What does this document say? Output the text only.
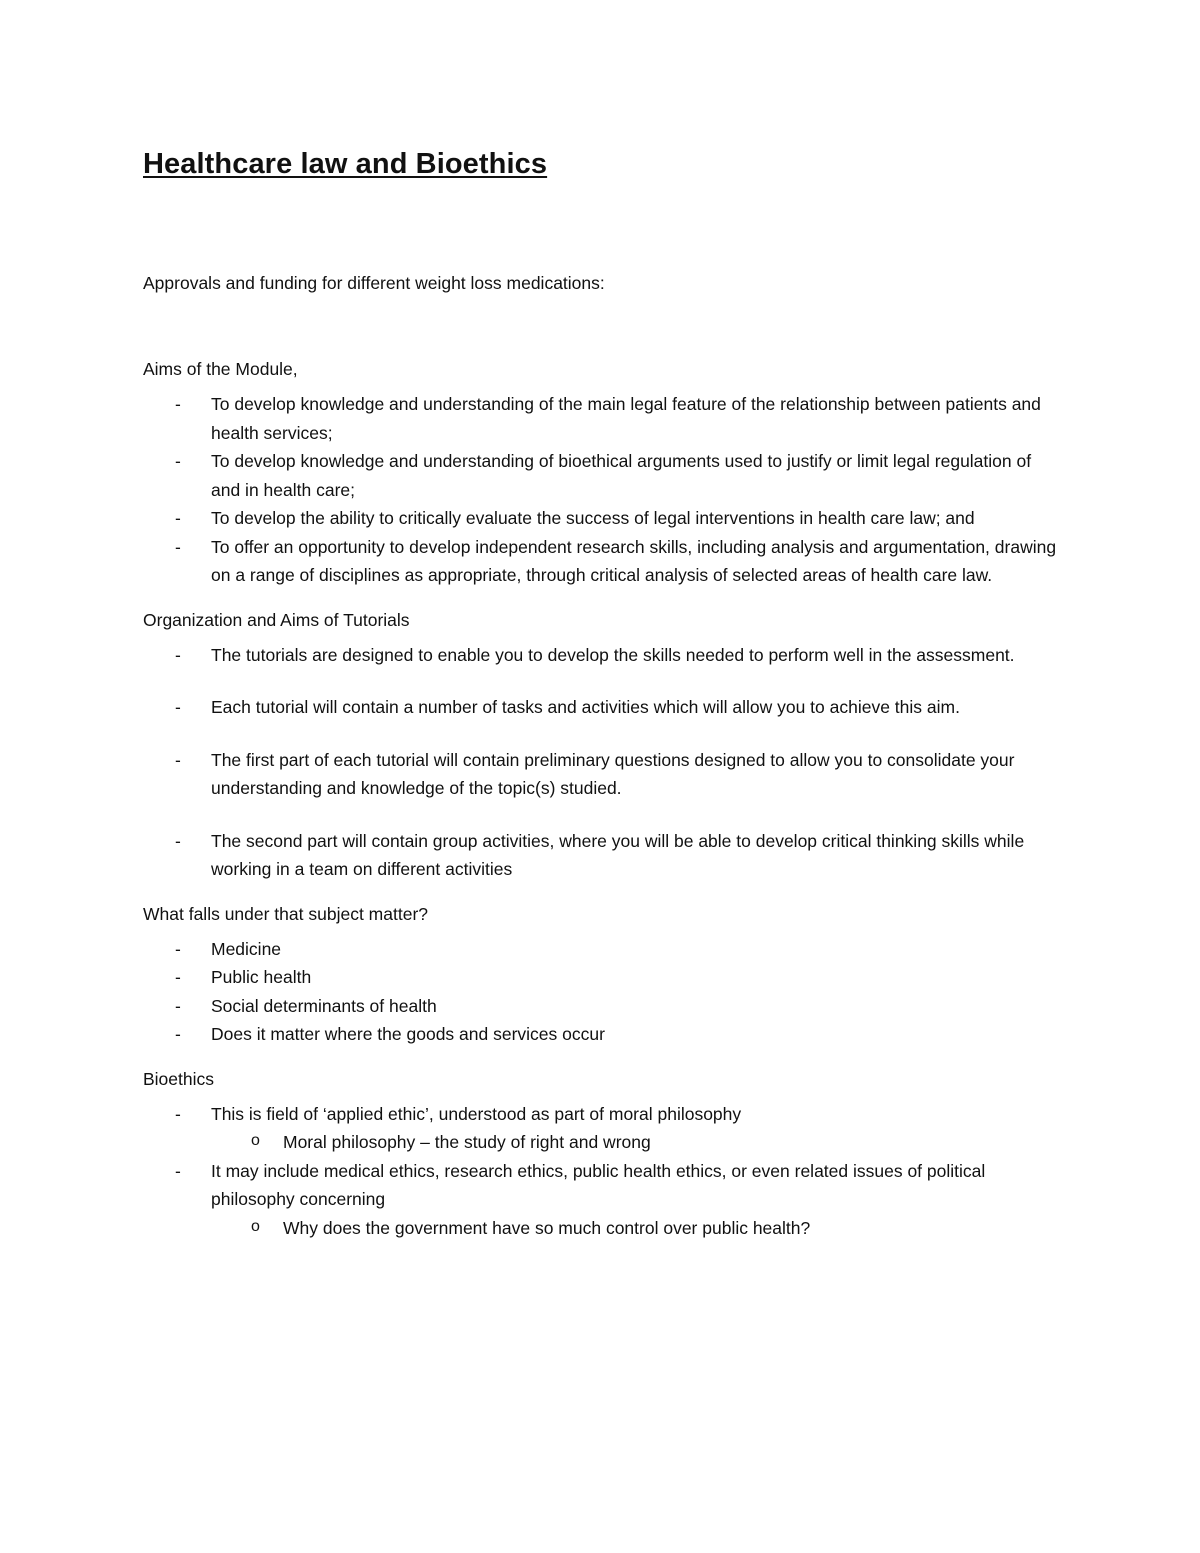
Healthcare law and Bioethics

Approvals and funding for different weight loss medications:

Aims of the Module,

-	To develop knowledge and understanding of the main legal feature of the relationship between patients and health services;
-	To develop knowledge and understanding of bioethical arguments used to justify or limit legal regulation of and in health care;
-	To develop the ability to critically evaluate the success of legal interventions in health care law; and
-	To offer an opportunity to develop independent research skills, including analysis and argumentation, drawing on a range of disciplines as appropriate, through critical analysis of selected areas of health care law.

Organization and Aims of Tutorials

-	The tutorials are designed to enable you to develop the skills needed to perform well in the assessment.
-	Each tutorial will contain a number of tasks and activities which will allow you to achieve this aim.
-	The first part of each tutorial will contain preliminary questions designed to allow you to consolidate your understanding and knowledge of the topic(s) studied.
-	The second part will contain group activities, where you will be able to develop critical thinking skills while working in a team on different activities

What falls under that subject matter?

-	Medicine
-	Public health
-	Social determinants of health
-	Does it matter where the goods and services occur

Bioethics

-	This is field of ‘applied ethic’, understood as part of moral philosophy
o Moral philosophy – the study of right and wrong
-	It may include medical ethics, research ethics, public health ethics, or even related issues of political philosophy concerning
o Why does the government have so much control over public health?
